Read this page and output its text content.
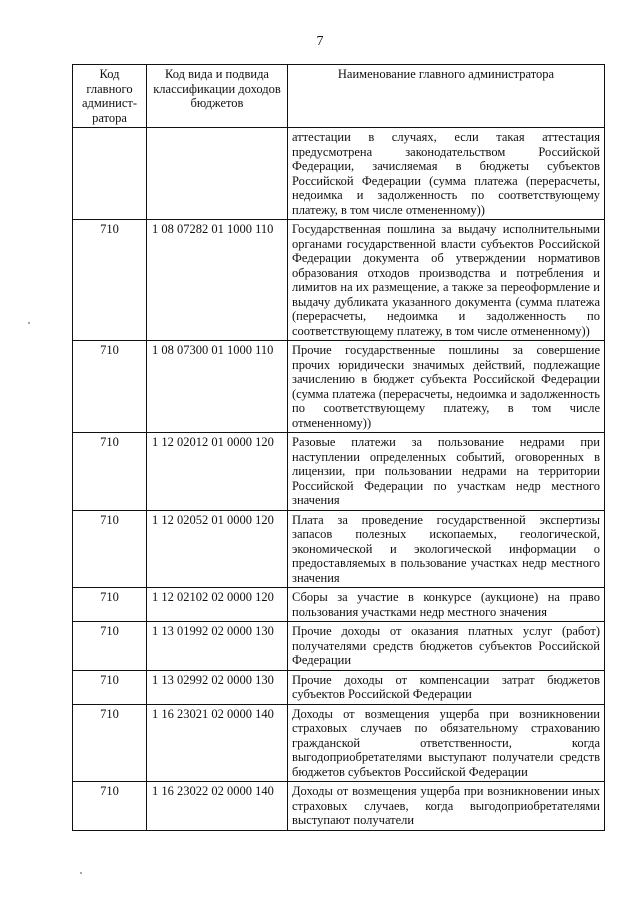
7
Код главного админист-ратора	Код вида и подвида классификации доходов бюджетов	Наименование главного администратора
		аттестации в случаях, если такая аттестация предусмотрена законодательством Российской Федерации, зачисляемая в бюджеты субъектов Российской Федерации (сумма платежа (перерасчеты, недоимка и задолженность по соответствующему платежу, в том числе отмененному))
710	1 08 07282 01 1000 110	Государственная пошлина за выдачу исполнительными органами государственной власти субъектов Российской Федерации документа об утверждении нормативов образования отходов производства и потребления и лимитов на их размещение, а также за переоформление и выдачу дубликата указанного документа (сумма платежа (перерасчеты, недоимка и задолженность по соответствующему платежу, в том числе отмененному))
710	1 08 07300 01 1000 110	Прочие государственные пошлины за совершение прочих юридически значимых действий, подлежащие зачислению в бюджет субъекта Российской Федерации (сумма платежа (перерасчеты, недоимка и задолженность по соответствующему платежу, в том числе отмененному))
710	1 12 02012 01 0000 120	Разовые платежи за пользование недрами при наступлении определенных событий, оговоренных в лицензии, при пользовании недрами на территории Российской Федерации по участкам недр местного значения
710	1 12 02052 01 0000 120	Плата за проведение государственной экспертизы запасов полезных ископаемых, геологической, экономической и экологической информации о предоставляемых в пользование участках недр местного значения
710	1 12 02102 02 0000 120	Сборы за участие в конкурсе (аукционе) на право пользования участками недр местного значения
710	1 13 01992 02 0000 130	Прочие доходы от оказания платных услуг (работ) получателями средств бюджетов субъектов Российской Федерации
710	1 13 02992 02 0000 130	Прочие доходы от компенсации затрат бюджетов субъектов Российской Федерации
710	1 16 23021 02 0000 140	Доходы от возмещения ущерба при возникновении страховых случаев по обязательному страхованию гражданской ответственности, когда выгодоприобретателями выступают получатели средств бюджетов субъектов Российской Федерации
710	1 16 23022 02 0000 140	Доходы от возмещения ущерба при возникновении иных страховых случаев, когда выгодоприобретателями выступают получатели
